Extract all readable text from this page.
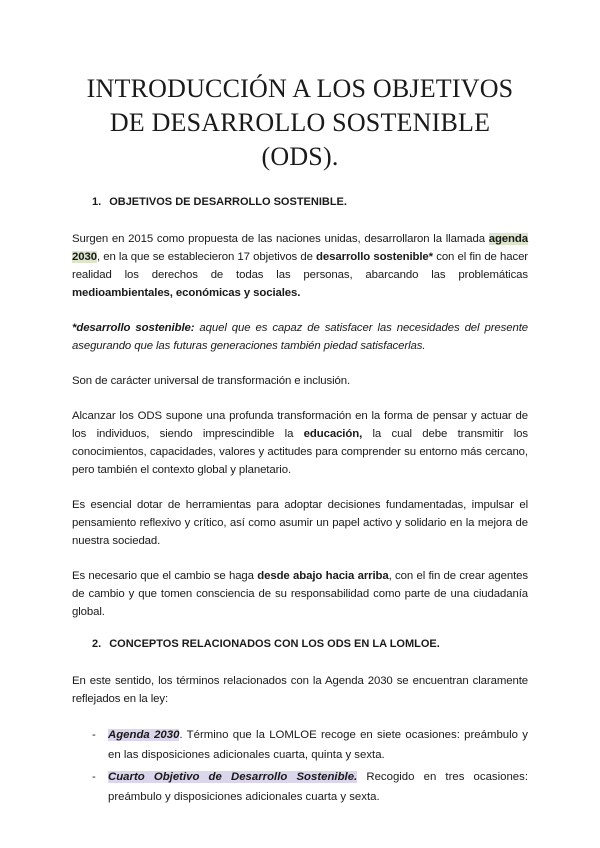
INTRODUCCIÓN A LOS OBJETIVOS
DE DESARROLLO SOSTENIBLE
(ODS).
1. OBJETIVOS DE DESARROLLO SOSTENIBLE.

Surgen en 2015 como propuesta de las naciones unidas, desarrollaron la llamada agenda 2030, en la que se establecieron 17 objetivos de desarrollo sostenible* con el fin de hacer realidad los derechos de todas las personas, abarcando las problemáticas medioambientales, económicas y sociales.

*desarrollo sostenible: aquel que es capaz de satisfacer las necesidades del presente asegurando que las futuras generaciones también piedad satisfacerlas.

Son de carácter universal de transformación e inclusión.

Alcanzar los ODS supone una profunda transformación en la forma de pensar y actuar de los individuos, siendo imprescindible la educación, la cual debe transmitir los conocimientos, capacidades, valores y actitudes para comprender su entorno más cercano, pero también el contexto global y planetario.

Es esencial dotar de herramientas para adoptar decisiones fundamentadas, impulsar el pensamiento reflexivo y crítico, así como asumir un papel activo y solidario en la mejora de nuestra sociedad.

Es necesario que el cambio se haga desde abajo hacia arriba, con el fin de crear agentes de cambio y que tomen consciencia de su responsabilidad como parte de una ciudadanía global.

2. CONCEPTOS RELACIONADOS CON LOS ODS EN LA LOMLOE.

En este sentido, los términos relacionados con la Agenda 2030 se encuentran claramente reflejados en la ley:

- Agenda 2030. Término que la LOMLOE recoge en siete ocasiones: preámbulo y en las disposiciones adicionales cuarta, quinta y sexta.
- Cuarto Objetivo de Desarrollo Sostenible. Recogido en tres ocasiones: preámbulo y disposiciones adicionales cuarta y sexta.
